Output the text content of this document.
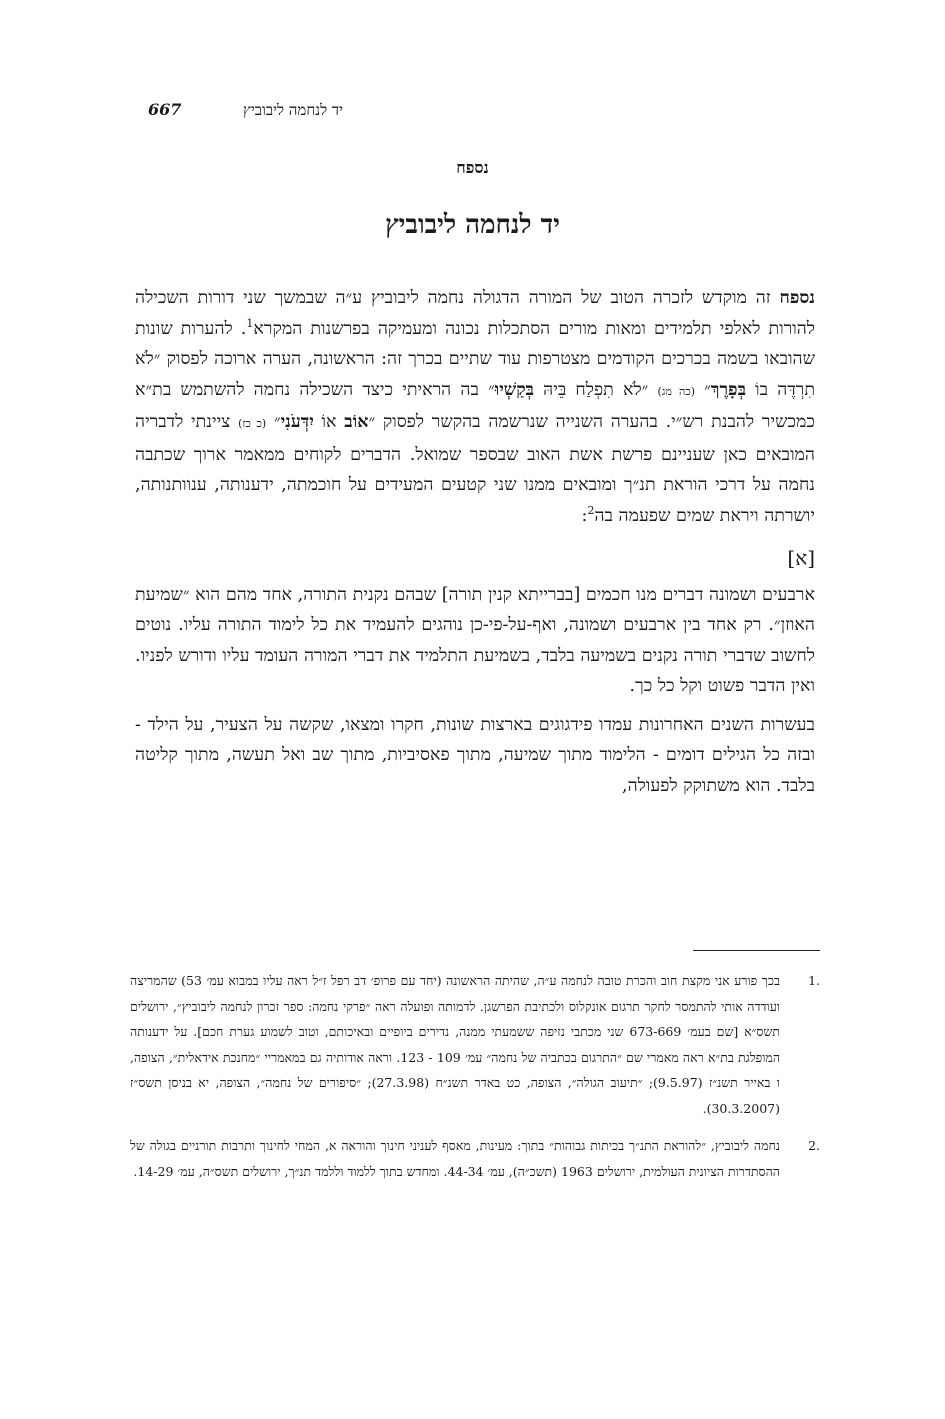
667	יד לנחמה ליבוביץ
נספח
יד לנחמה ליבוביץ

נספח זה מוקדש לזכרה הטוב של המורה הדגולה נחמה ליבוביץ ע״ה שבמשך שני דורות השכילה להורות לאלפי תלמידים ומאות מורים הסתכלות נכונה ומעמיקה בפרשנות המקרא$^1$. להערות שונות שהובאו בשמה בכרכים הקודמים מצטרפות עוד שתיים בכרך זה: הראשונה, הערה ארוכה לפסוק ״לֹא תִרְדֶּה בוֹ בְּפָרֶךְ״ (כה מג) ״לֹא תִפְלַח בֵּיהּ בְּקַשְׁיוּ״ בה הראיתי כיצד השכילה נחמה להשתמש בת״א כמכשיר להבנת רש״י. בהערה השנייה שנרשמה בהקשר לפסוק ״אוֹב אוֹ יִדְּעֹנִי״ (כ כז) ציינתי לדבריה המובאים כאן שעניינם פרשת אשת האוב שבספר שמואל. הדברים לקוחים ממאמר ארוך שכתבה נחמה על דרכי הוראת תנ״ך ומובאים ממנו שני קטעים המעידים על חוכמתה, ידענותה, ענוותנותה, יושרתה ויראת שמים שפעמה בה$^2$:

[א]

ארבעים ושמונה דברים מנו חכמים [בברייתא קנין תורה] שבהם נקנית התורה, אחד מהם הוא ״שמיעת האוזן״. רק אחד בין ארבעים ושמונה, ואף-על-פי-כן נוהגים להעמיד את כל לימוד התורה עליו. נוטים לחשוב שדברי תורה נקנים בשמיעה בלבד, בשמיעת התלמיד את דברי המורה העומד עליו ודורש לפניו. ואין הדבר פשוט וקל כל כך.

בעשרות השנים האחרונות עמדו פידגוגים בארצות שונות, חקרו ומצאו, שקשה על הצעיר, על הילד - ובזה כל הגילים דומים - הלימוד מתוך שמיעה, מתוך פאסיביות, מתוך שב ואל תעשה, מתוך קליטה בלבד. הוא משתוקק לפעולה,

1.
בכך פורע אני מקצת חוב והכרת טובה לנחמה ע״ה, שהיתה הראשונה (יחד עם פרופ׳ דב רפל ז״ל ראה עליו במבוא עמ׳ 53) שהמריצה ועודדה אותי להתמסר לחקר תרגום אונקלוס ולכתיבת הפרשגן. לדמותה ופועלה ראה ״פרקי נחמה: ספר זכרון לנחמה ליבוביץ״, ירושלים תשס״א [שם בעמ׳ 673-669 שני מכתבי נזיפה ששמעתי ממנה, נדירים ביופיים ובאיכותם, וטוב לשמוע גערת חכם]. על ידענותה המופלגת בת״א ראה מאמרי שם ״התרגום בכתביה של נחמה״ עמ׳ 109 - 123. וראה אודותיה גם במאמריי ״מחנכת אידאלית״, הצופה, ו באייר תשנ״ז (9.5.97); ״תיעוב הגולה״, הצופה, כט באדר תשנ״ח (27.3.98); ״סיפורים של נחמה״, הצופה, יא בניסן תשס״ז (30.3.2007).
2.
נחמה ליבוביץ, ״להוראת התנ״ך בכיתות גבוהות״ בתוך: מעינות, מאסף לעניני חינוך והוראה א, המחי לחינוך ותרבות תורניים בגולה של ההסתדרות הציונית העולמית, ירושלים 1963 (תשכ״ה), עמ׳ 44-34. ומחדש בתוך ללמוד וללמד תנ״ך, ירושלים תשס״ה, עמ׳ 14-29.
